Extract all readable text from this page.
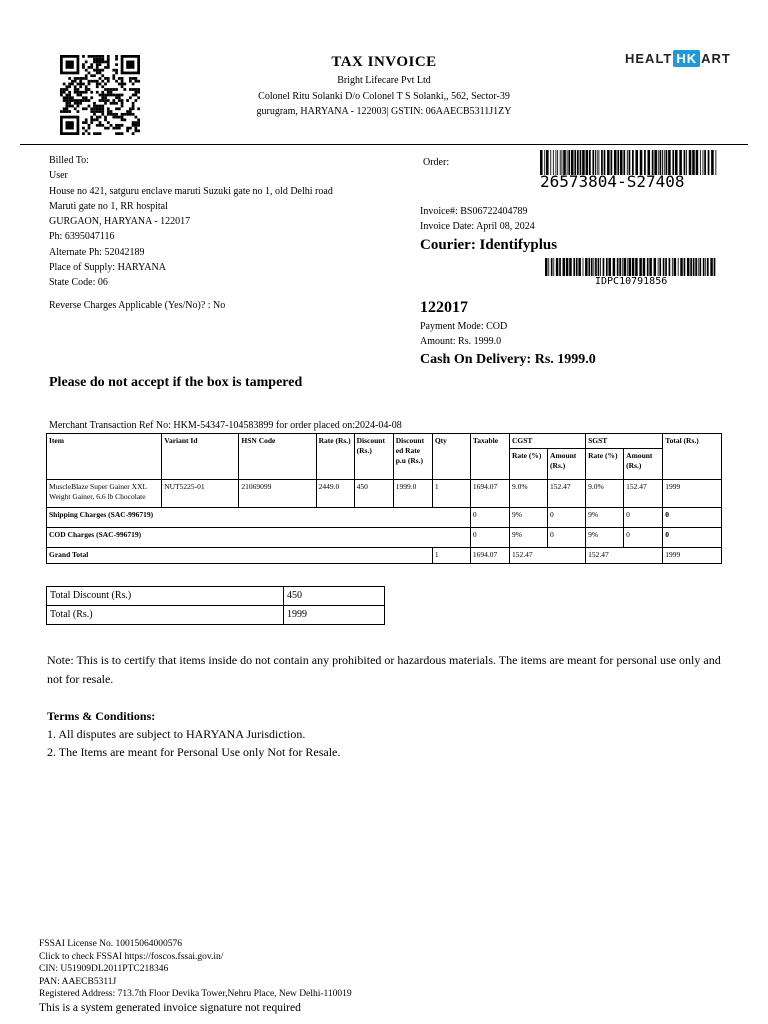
TAX INVOICE
Bright Lifecare Pvt Ltd
Colonel Ritu Solanki D/o Colonel T S Solanki,, 562, Sector-39
gurugram, HARYANA - 122003| GSTIN: 06AAECB5311J1ZY
HEALT HK ART
Billed To:
User
House no 421, satguru enclave maruti Suzuki gate no 1, old Delhi road
Maruti gate no 1, RR hospital
GURGAON, HARYANA - 122017
Ph: 6395047116
Alternate Ph: 52042189
Place of Supply: HARYANA
State Code: 06
Reverse Charges Applicable (Yes/No)? : No
Order:
26573804-S27408
Invoice#: BS06722404789
Invoice Date: April 08, 2024
Courier: Identifyplus
IDPC10791856
122017
Payment Mode: COD
Amount: Rs. 1999.0
Cash On Delivery: Rs. 1999.0
Please do not accept if the box is tampered
Merchant Transaction Ref No: HKM-54347-104583899 for order placed on:2024-04-08
Item	Variant Id	HSN Code	Rate (Rs.)	Discount (Rs.)	Discount ed Rate p.u (Rs.)	Qty	Taxable	CGST		SGST		Total (Rs.)
								Rate (%)	Amount (Rs.)	Rate (%)	Amount (Rs.)	
MuscleBlaze Super Gainer XXL Weight Gainer, 6.6 lb Chocolate	NUT5225-01	21069099	2449.0	450	1999.0	1	1694.07	9.0%	152.47	9.0%	152.47	1999
Shipping Charges (SAC-996719)							0	9%	0	9%	0	0
COD Charges (SAC-996719)							0	9%	0	9%	0	0
Grand Total						1	1694.07	152.47		152.47		1999
Total Discount (Rs.)	450
Total (Rs.)	1999
Note: This is to certify that items inside do not contain any prohibited or hazardous materials. The items are meant for personal use only and not for resale.
Terms & Conditions:
1. All disputes are subject to HARYANA Jurisdiction.
2. The Items are meant for Personal Use only Not for Resale.
FSSAI License No. 10015064000576
Click to check FSSAI https://foscos.fssai.gov.in/
CIN: U51909DL2011PTC218346
PAN: AAECB5311J
Registered Address: 713.7th Floor Devika Tower,Nehru Place, New Delhi-110019
This is a system generated invoice signature not required
